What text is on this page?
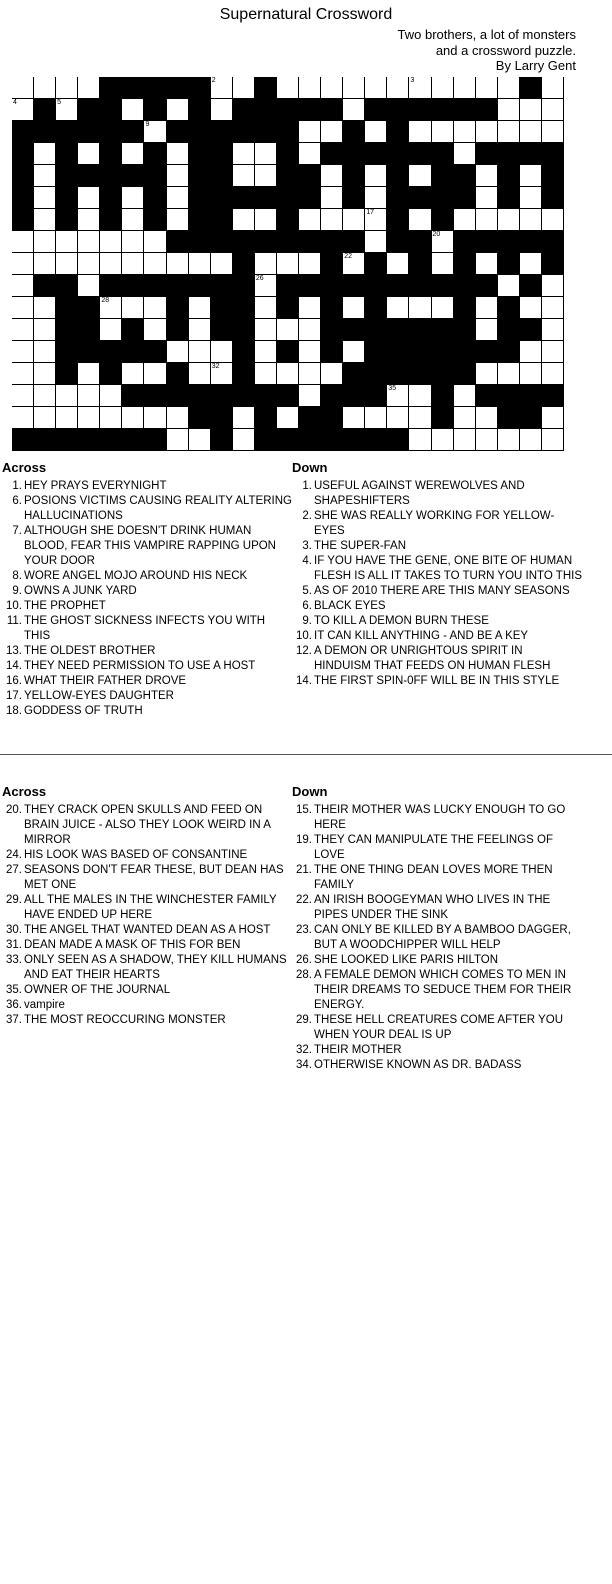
Supernatural Crossword
Two brothers, a lot of monsters
and a crossword puzzle.
By Larry Gent
2	3
4	5
9
17
20
22
26
28
32
35
Across	Down
1. HEY PRAYS EVERYNIGHT
6. POSIONS VICTIMS CAUSING REALITY ALTERING HALLUCINATIONS
7. ALTHOUGH SHE DOESN'T DRINK HUMAN BLOOD, FEAR THIS VAMPIRE RAPPING UPON YOUR DOOR
8. WORE ANGEL MOJO AROUND HIS NECK
9. OWNS A JUNK YARD
10. THE PROPHET
11. THE GHOST SICKNESS INFECTS YOU WITH THIS
13. THE OLDEST BROTHER
14. THEY NEED PERMISSION TO USE A HOST
16. WHAT THEIR FATHER DROVE
17. YELLOW-EYES DAUGHTER
18. GODDESS OF TRUTH
1. USEFUL AGAINST WEREWOLVES AND SHAPESHIFTERS
2. SHE WAS REALLY WORKING FOR YELLOW-EYES
3. THE SUPER-FAN
4. IF YOU HAVE THE GENE, ONE BITE OF HUMAN FLESH IS ALL IT TAKES TO TURN YOU INTO THIS
5. AS OF 2010 THERE ARE THIS MANY SEASONS
6. BLACK EYES
9. TO KILL A DEMON BURN THESE
10. IT CAN KILL ANYTHING - AND BE A KEY
12. A DEMON OR UNRIGHTOUS SPIRIT IN HINDUISM THAT FEEDS ON HUMAN FLESH
14. THE FIRST SPIN-0FF WILL BE IN THIS STYLE
Across	Down
20. THEY CRACK OPEN SKULLS AND FEED ON BRAIN JUICE - ALSO THEY LOOK WEIRD IN A MIRROR
24. HIS LOOK WAS BASED OF CONSANTINE
27. SEASONS DON'T FEAR THESE, BUT DEAN HAS MET ONE
29. ALL THE MALES IN THE WINCHESTER FAMILY HAVE ENDED UP HERE
30. THE ANGEL THAT WANTED DEAN AS A HOST
31. DEAN MADE A MASK OF THIS FOR BEN
33. ONLY SEEN AS A SHADOW, THEY KILL HUMANS AND EAT THEIR HEARTS
35. OWNER OF THE JOURNAL
36. vampire
37. THE MOST REOCCURING MONSTER
15. THEIR MOTHER WAS LUCKY ENOUGH TO GO HERE
19. THEY CAN MANIPULATE THE FEELINGS OF LOVE
21. THE ONE THING DEAN LOVES MORE THEN FAMILY
22. AN IRISH BOOGEYMAN WHO LIVES IN THE PIPES UNDER THE SINK
23. CAN ONLY BE KILLED BY A BAMBOO DAGGER, BUT A WOODCHIPPER WILL HELP
26. SHE LOOKED LIKE PARIS HILTON
28. A FEMALE DEMON WHICH COMES TO MEN IN THEIR DREAMS TO SEDUCE THEM FOR THEIR ENERGY.
29. THESE HELL CREATURES COME AFTER YOU WHEN YOUR DEAL IS UP
32. THEIR MOTHER
34. OTHERWISE KNOWN AS DR. BADASS
